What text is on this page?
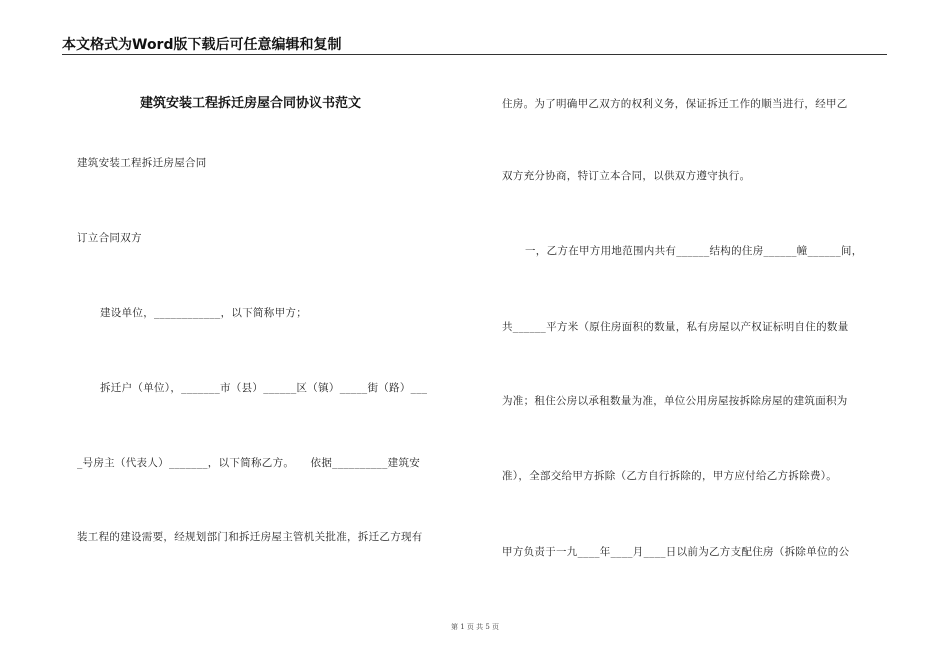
本文格式为Word版下载后可任意编辑和复制
建筑安装工程拆迁房屋合同协议书范文
建筑安装工程拆迁房屋合同
订立合同双方
建设单位，____________，以下简称甲方；
拆迁户（单位），_______市（县）______区（镇）_____街（路）___
_号房主（代表人）_______，以下简称乙方。　　依据__________建筑安
装工程的建设需要，经规划部门和拆迁房屋主管机关批准，拆迁乙方现有
住房。为了明确甲乙双方的权利义务，保证拆迁工作的顺当进行，经甲乙
双方充分协商，特订立本合同，以供双方遵守执行。
一，乙方在甲方用地范围内共有______结构的住房______幢______间，
共______平方米（原住房面积的数量，私有房屋以产权证标明自住的数量
为准；租住公房以承租数量为准，单位公用房屋按拆除房屋的建筑面积为
准），全部交给甲方拆除（乙方自行拆除的，甲方应付给乙方拆除费）。
甲方负责于一九____年____月____日以前为乙方支配住房（拆除单位的公
第 1 页 共 5 页
